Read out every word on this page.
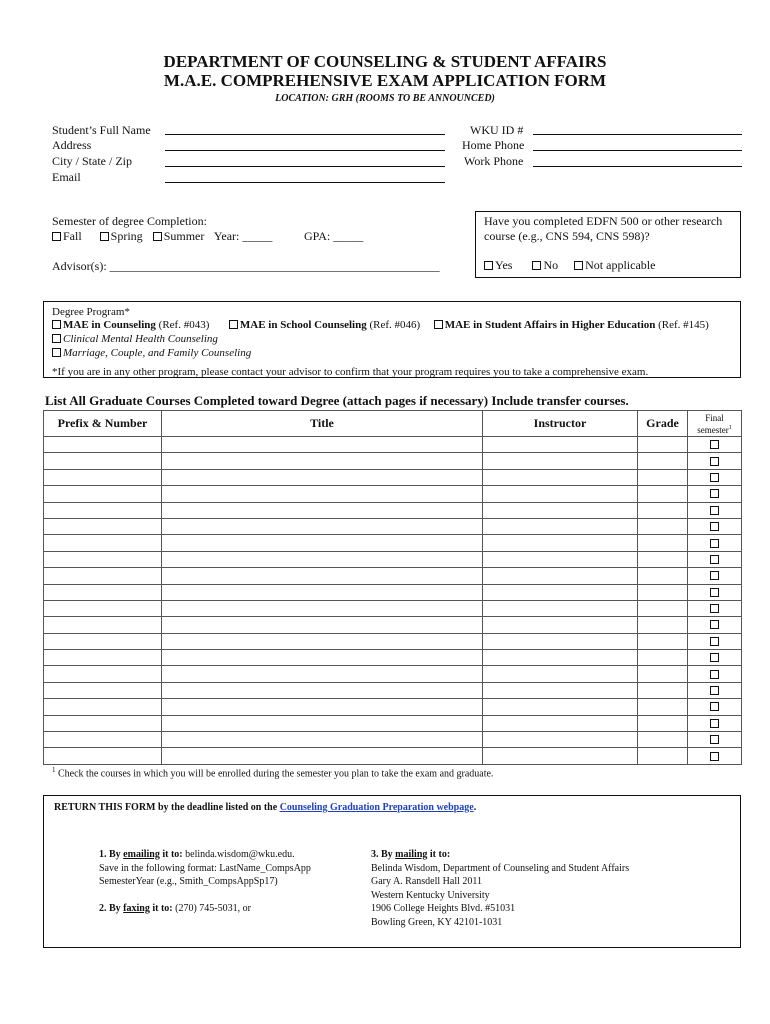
DEPARTMENT OF COUNSELING & STUDENT AFFAIRS
M.A.E. COMPREHENSIVE EXAM APPLICATION FORM
LOCATION: GRH (ROOMS TO BE ANNOUNCED)
Student’s Full Name
Address
City / State / Zip
Email
WKU ID #
Home Phone
Work Phone
Semester of degree Completion:
Fall Spring Summer Year: _____	GPA: _____
Advisor(s): _______________________________________________________
Have you completed EDFN 500 or other research course (e.g., CNS 594, CNS 598)?
Yes	No Not applicable
Degree Program*
MAE in Counseling (Ref. #043)	MAE in School Counseling (Ref. #046) MAE in Student Affairs in Higher Education (Ref. #145)
Clinical Mental Health Counseling
Marriage, Couple, and Family Counseling
*If you are in any other program, please contact your advisor to confirm that your program requires you to take a comprehensive exam.
List All Graduate Courses Completed toward Degree (attach pages if necessary) Include transfer courses.
Prefix & Number	Title	Instructor	Grade	Final
semester$^1$

$^1$ Check the courses in which you will be enrolled during the semester you plan to take the exam and graduate.
RETURN THIS FORM by the deadline listed on the Counseling Graduation Preparation webpage.
1. By emailing it to: belinda.wisdom@wku.edu.
Save in the following format: LastName_CompsApp
SemesterYear (e.g., Smith_CompsAppSp17)
2. By faxing it to: (270) 745-5031, or
3. By mailing it to:
Belinda Wisdom, Department of Counseling and Student Affairs
Gary A. Ransdell Hall 2011
Western Kentucky University
1906 College Heights Blvd. #51031
Bowling Green, KY 42101-1031
